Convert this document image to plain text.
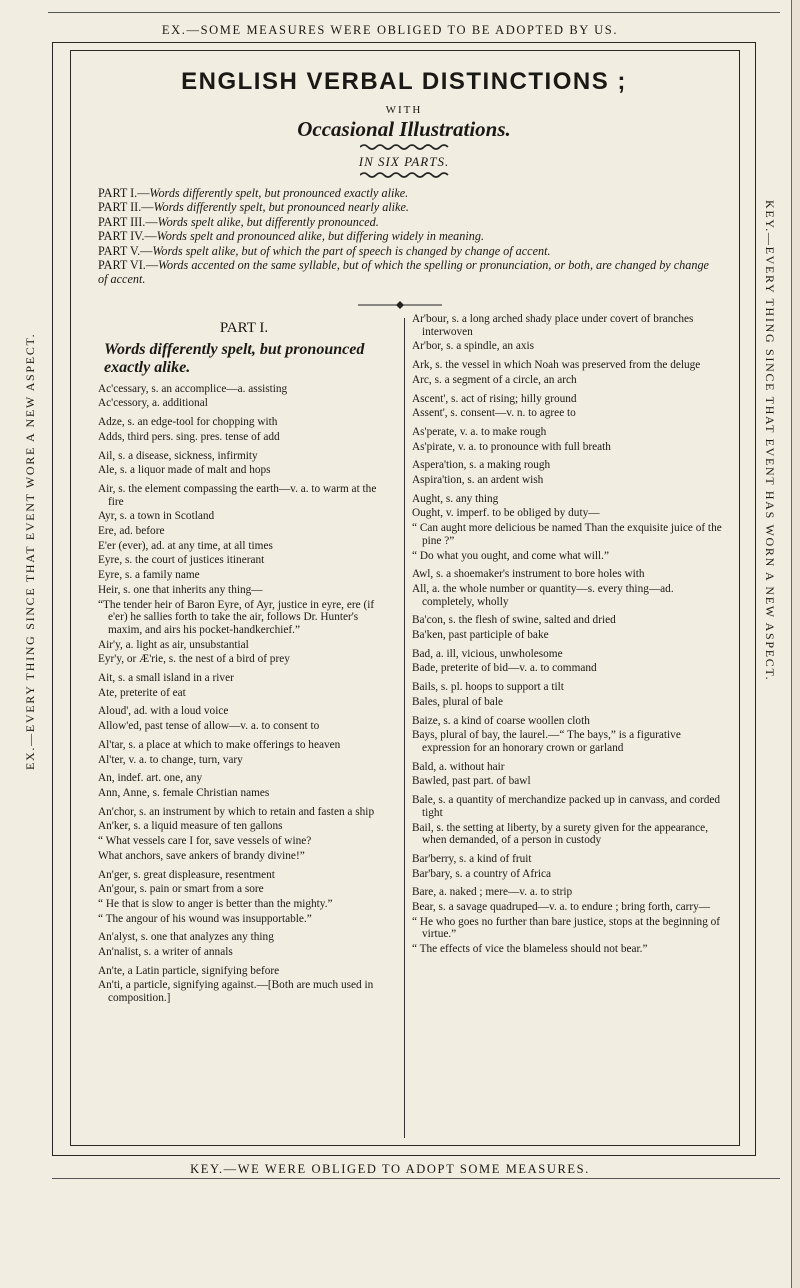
EX.—SOME MEASURES WERE OBLIGED TO BE ADOPTED BY US.
EX.—EVERY THING SINCE THAT EVENT WORE A NEW ASPECT.	KEY.—EVERY THING SINCE THAT EVENT HAS WORN A NEW ASPECT.
ENGLISH VERBAL DISTINCTIONS ;
WITH
Occasional Illustrations.
IN SIX PARTS.
PART I.—Words differently spelt, but pronounced exactly alike.
PART II.—Words differently spelt, but pronounced nearly alike.
PART III.—Words spelt alike, but differently pronounced.
PART IV.—Words spelt and pronounced alike, but differing widely in meaning.
PART V.—Words spelt alike, but of which the part of speech is changed by change of accent.
PART VI.—Words accented on the same syllable, but of which the spelling or pronunciation, or both, are changed by change of accent.
PART I.
Words differently spelt, but pronounced exactly alike.
Ac'cessary, s. an accomplice—a. assisting
Ac'cessory, a. additional
Adze, s. an edge-tool for chopping with
Adds, third pers. sing. pres. tense of add
Ail, s. a disease, sickness, infirmity
Ale, s. a liquor made of malt and hops
Air, s. the element compassing the earth—v. a. to warm at the fire
Ayr, s. a town in Scotland
Ere, ad. before
E'er (ever), ad. at any time, at all times
Eyre, s. the court of justices itinerant
Eyre, s. a family name
Heir, s. one that inherits any thing—
“The tender heir of Baron Eyre, of Ayr, justice in eyre, ere (if e'er) he sallies forth to take the air, follows Dr. Hunter's maxim, and airs his pocket-handkerchief.”
Air'y, a. light as air, unsubstantial
Eyr'y, or Æ'rie, s. the nest of a bird of prey
Ait, s. a small island in a river
Ate, preterite of eat
Aloud', ad. with a loud voice
Allow'ed, past tense of allow—v. a. to consent to
Al'tar, s. a place at which to make offerings to heaven
Al'ter, v. a. to change, turn, vary
An, indef. art. one, any
Ann, Anne, s. female Christian names
An'chor, s. an instrument by which to retain and fasten a ship
An'ker, s. a liquid measure of ten gallons
“ What vessels care I for, save vessels of wine?
What anchors, save ankers of brandy divine!”
An'ger, s. great displeasure, resentment
An'gour, s. pain or smart from a sore
“ He that is slow to anger is better than the mighty.”
“ The angour of his wound was insupportable.”
An'alyst, s. one that analyzes any thing
An'nalist, s. a writer of annals
An'te, a Latin particle, signifying before
An'ti, a particle, signifying against.—[Both are much used in composition.]
Ar'bour, s. a long arched shady place under covert of branches interwoven
Ar'bor, s. a spindle, an axis
Ark, s. the vessel in which Noah was preserved from the deluge
Arc, s. a segment of a circle, an arch
Ascent', s. act of rising; hilly ground
Assent', s. consent—v. n. to agree to
As'perate, v. a. to make rough
As'pirate, v. a. to pronounce with full breath
Aspera'tion, s. a making rough
Aspira'tion, s. an ardent wish
Aught, s. any thing
Ought, v. imperf. to be obliged by duty—
“ Can aught more delicious be named Than the exquisite juice of the pine ?”
“ Do what you ought, and come what will.”
Awl, s. a shoemaker's instrument to bore holes with
All, a. the whole number or quantity—s. every thing—ad. completely, wholly
Ba'con, s. the flesh of swine, salted and dried
Ba'ken, past participle of bake
Bad, a. ill, vicious, unwholesome
Bade, preterite of bid—v. a. to command
Bails, s. pl. hoops to support a tilt
Bales, plural of bale
Baize, s. a kind of coarse woollen cloth
Bays, plural of bay, the laurel.—“ The bays,” is a figurative expression for an honorary crown or garland
Bald, a. without hair
Bawled, past part. of bawl
Bale, s. a quantity of merchandize packed up in canvass, and corded tight
Bail, s. the setting at liberty, by a surety given for the appearance, when demanded, of a person in custody
Bar'berry, s. a kind of fruit
Bar'bary, s. a country of Africa
Bare, a. naked ; mere—v. a. to strip
Bear, s. a savage quadruped—v. a. to endure ; bring forth, carry—
“ He who goes no further than bare justice, stops at the beginning of virtue.”
“ The effects of vice the blameless should not bear.”
KEY.—WE WERE OBLIGED TO ADOPT SOME MEASURES.
